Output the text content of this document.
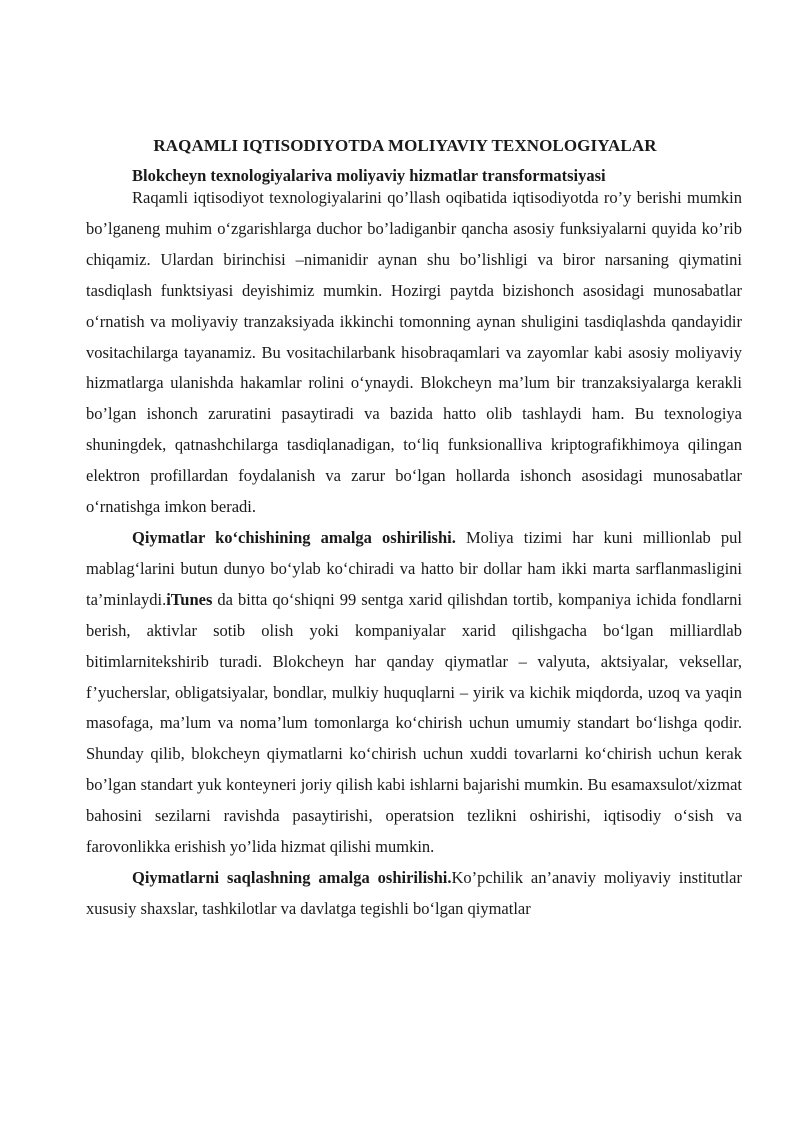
RAQAMLI IQTISODIYOTDA MOLIYAVIY TEXNOLOGIYALAR

Blokcheyn texnologiyalariva moliyaviy hizmatlar transformatsiyasi

Raqamli iqtisodiyot texnologiyalarini qo’llash oqibatida iqtisodiyotda ro’y berishi mumkin bo’lganeng muhim o‘zgarishlarga duchor bo’ladiganbir qancha asosiy funksiyalarni quyida ko’rib chiqamiz. Ulardan birinchisi –nimanidir aynan shu bo’lishligi va biror narsaning qiymatini tasdiqlash funktsiyasi deyishimiz mumkin. Hozirgi paytda bizishonch asosidagi munosabatlar o‘rnatish va moliyaviy tranzaksiyada ikkinchi tomonning aynan shuligini tasdiqlashda qandayidir vositachilarga tayanamiz. Bu vositachilarbank hisobraqamlari va zayomlar kabi asosiy moliyaviy hizmatlarga ulanishda hakamlar rolini o‘ynaydi. Blokcheyn ma’lum bir tranzaksiyalarga kerakli bo’lgan ishonch zaruratini pasaytiradi va bazida hatto olib tashlaydi ham. Bu texnologiya shuningdek, qatnashchilarga tasdiqlanadigan, to‘liq funksionalliva kriptografikhimoya qilingan elektron profillardan foydalanish va zarur bo‘lgan hollarda ishonch asosidagi munosabatlar o‘rnatishga imkon beradi.

Qiymatlar ko‘chishining amalga oshirilishi. Moliya tizimi har kuni millionlab pul mablag‘larini butun dunyo bo‘ylab ko‘chiradi va hatto bir dollar ham ikki marta sarflanmasligini ta’minlaydi.iTunes da bitta qo‘shiqni 99 sentga xarid qilishdan tortib, kompaniya ichida fondlarni berish, aktivlar sotib olish yoki kompaniyalar xarid qilishgacha bo‘lgan milliardlab bitimlarnitekshirib turadi. Blokcheyn har qanday qiymatlar – valyuta, aktsiyalar, veksellar, f’yucherslar, obligatsiyalar, bondlar, mulkiy huquqlarni – yirik va kichik miqdorda, uzoq va yaqin masofaga, ma’lum va noma’lum tomonlarga ko‘chirish uchun umumiy standart bo‘lishga qodir. Shunday qilib, blokcheyn qiymatlarni ko‘chirish uchun xuddi tovarlarni ko‘chirish uchun kerak bo’lgan standart yuk konteyneri joriy qilish kabi ishlarni bajarishi mumkin. Bu esamaxsulot/xizmat bahosini sezilarni ravishda pasaytirishi, operatsion tezlikni oshirishi, iqtisodiy o‘sish va farovonlikka erishish yo’lida hizmat qilishi mumkin.

Qiymatlarni saqlashning amalga oshirilishi.Ko’pchilik an’anaviy moliyaviy institutlar xususiy shaxslar, tashkilotlar va davlatga tegishli bo‘lgan qiymatlar
